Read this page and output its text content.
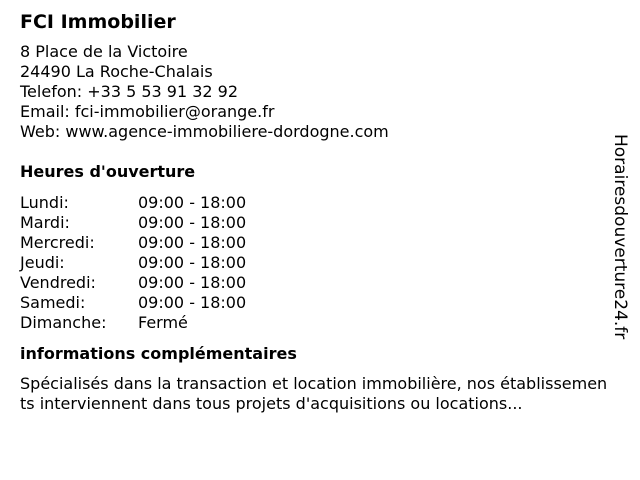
FCI Immobilier
8 Place de la Victoire
24490 La Roche-Chalais
Telefon: +33 5 53 91 32 92
Email: fci-immobilier@orange.fr
Web: www.agence-immobiliere-dordogne.com
Heures d'ouverture
Lundi:	09:00 - 18:00
Mardi:	09:00 - 18:00
Mercredi:	09:00 - 18:00
Jeudi:	09:00 - 18:00
Vendredi:	09:00 - 18:00
Samedi:	09:00 - 18:00
Dimanche:	Fermé
informations complémentaires
Spécialisés dans la transaction et location immobilière, nos établissements interviennent dans tous projets d'acquisitions ou locations...
Horairesdouverture24.fr
